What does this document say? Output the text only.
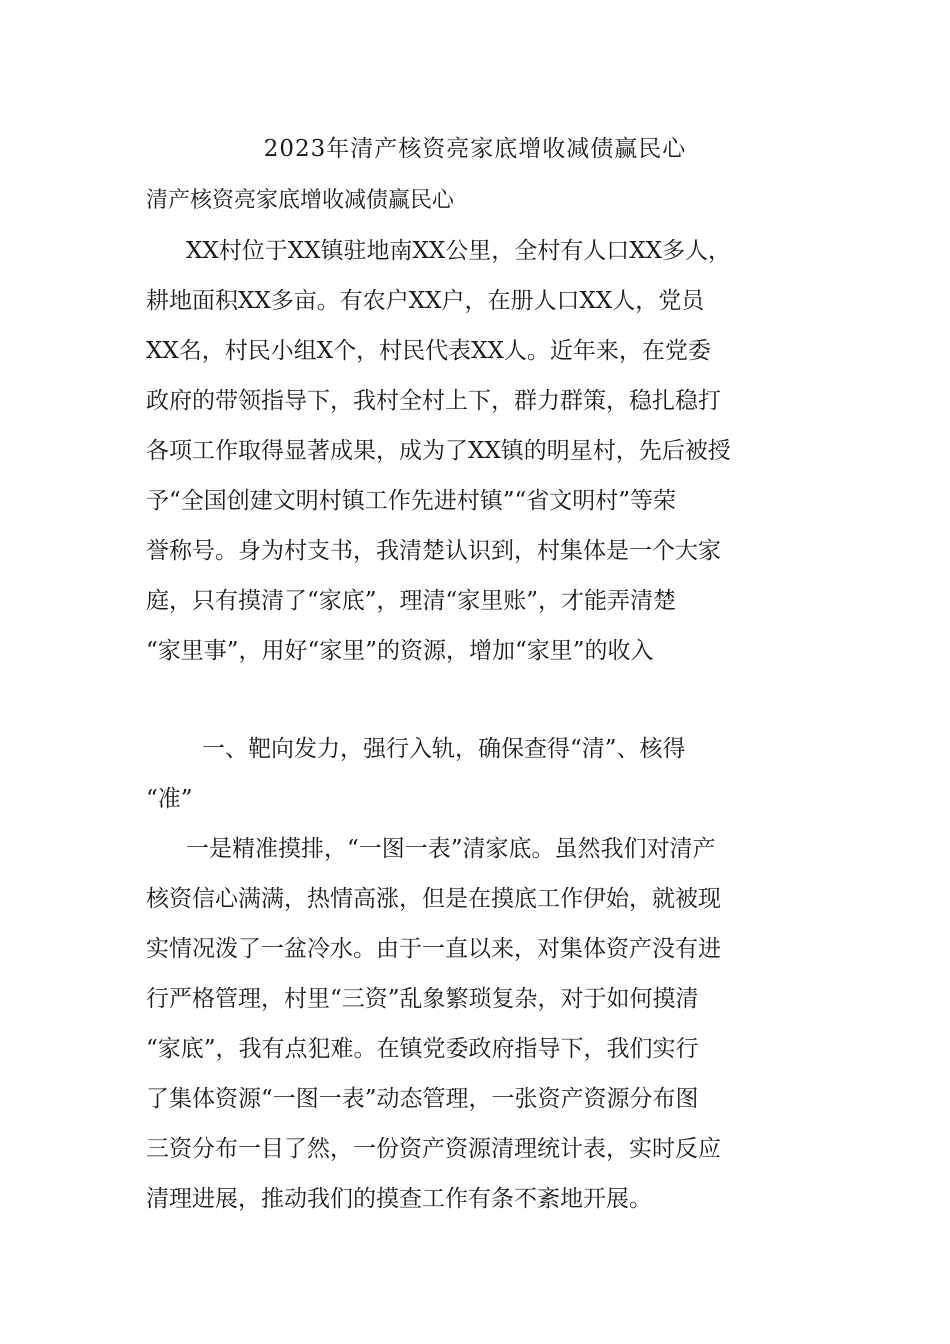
2023年清产核资亮家底增收减债赢民心

清产核资亮家底增收减债赢民心

XX村位于XX镇驻地南XX公里，全村有人口XX多人，

耕地面积XX多亩。有农户XX户，在册人口XX人，党员

XX名，村民小组X个，村民代表XX人。近年来，在党委

政府的带领指导下，我村全村上下，群力群策，稳扎稳打

各项工作取得显著成果，成为了XX镇的明星村，先后被授

予“全国创建文明村镇工作先进村镇”“省文明村”等荣

誉称号。身为村支书，我清楚认识到，村集体是一个大家

庭，只有摸清了“家底”，理清“家里账”，才能弄清楚

“家里事”，用好“家里”的资源，增加“家里”的收入

一、靶向发力，强行入轨，确保查得“清”、核得

“准”

一是精准摸排，“一图一表”清家底。虽然我们对清产

核资信心满满，热情高涨，但是在摸底工作伊始，就被现

实情况泼了一盆冷水。由于一直以来，对集体资产没有进

行严格管理，村里“三资”乱象繁琐复杂，对于如何摸清

“家底”，我有点犯难。在镇党委政府指导下，我们实行

了集体资源“一图一表”动态管理，一张资产资源分布图

三资分布一目了然，一份资产资源清理统计表，实时反应

清理进展，推动我们的摸查工作有条不紊地开展。
